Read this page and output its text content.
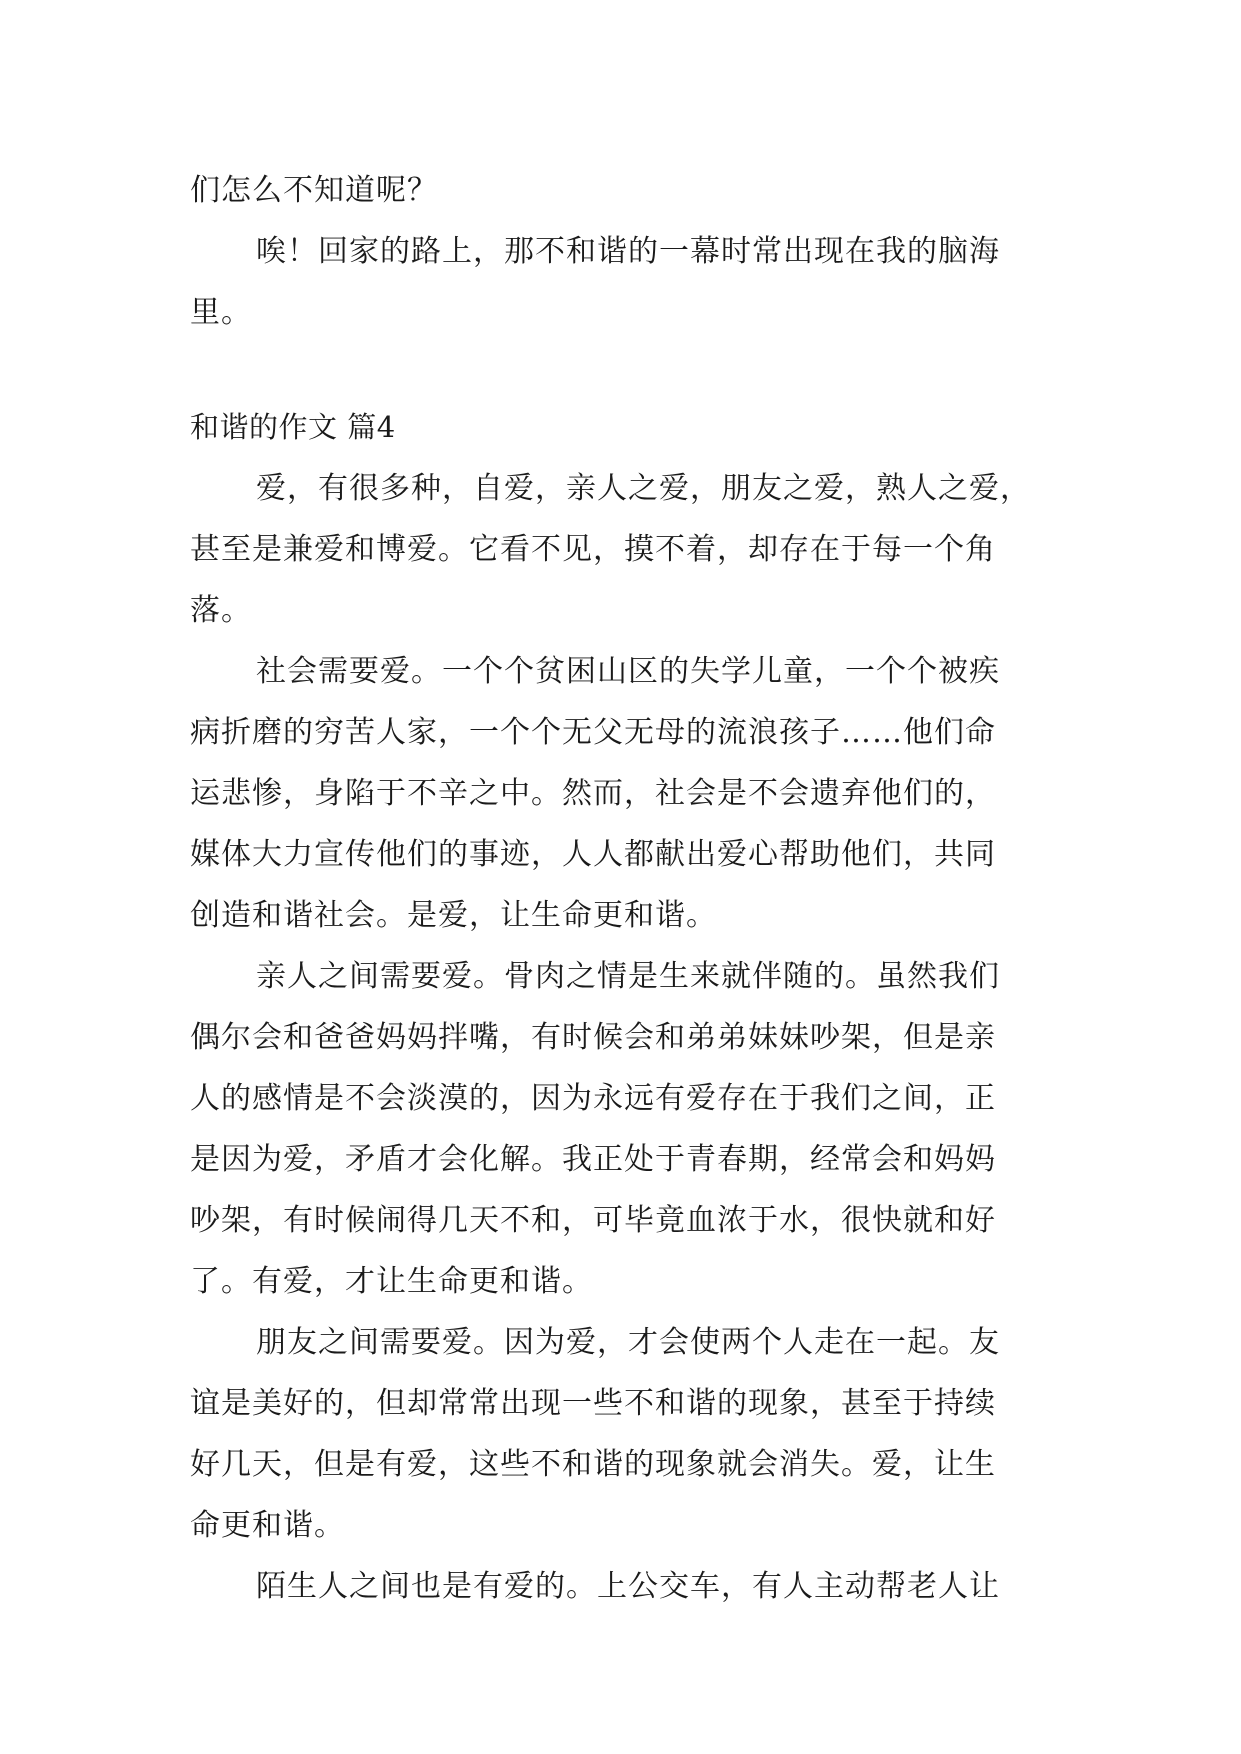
们怎么不知道呢？
唉！回家的路上，那不和谐的一幕时常出现在我的脑海
里。
和谐的作文 篇4
爱，有很多种，自爱，亲人之爱，朋友之爱，熟人之爱，
甚至是兼爱和博爱。它看不见，摸不着，却存在于每一个角
落。
社会需要爱。一个个贫困山区的失学儿童，一个个被疾
病折磨的穷苦人家，一个个无父无母的流浪孩子……他们命
运悲惨，身陷于不辛之中。然而，社会是不会遗弃他们的，
媒体大力宣传他们的事迹，人人都献出爱心帮助他们，共同
创造和谐社会。是爱，让生命更和谐。
亲人之间需要爱。骨肉之情是生来就伴随的。虽然我们
偶尔会和爸爸妈妈拌嘴，有时候会和弟弟妹妹吵架，但是亲
人的感情是不会淡漠的，因为永远有爱存在于我们之间，正
是因为爱，矛盾才会化解。我正处于青春期，经常会和妈妈
吵架，有时候闹得几天不和，可毕竟血浓于水，很快就和好
了。有爱，才让生命更和谐。
朋友之间需要爱。因为爱，才会使两个人走在一起。友
谊是美好的，但却常常出现一些不和谐的现象，甚至于持续
好几天，但是有爱，这些不和谐的现象就会消失。爱，让生
命更和谐。
陌生人之间也是有爱的。上公交车，有人主动帮老人让
